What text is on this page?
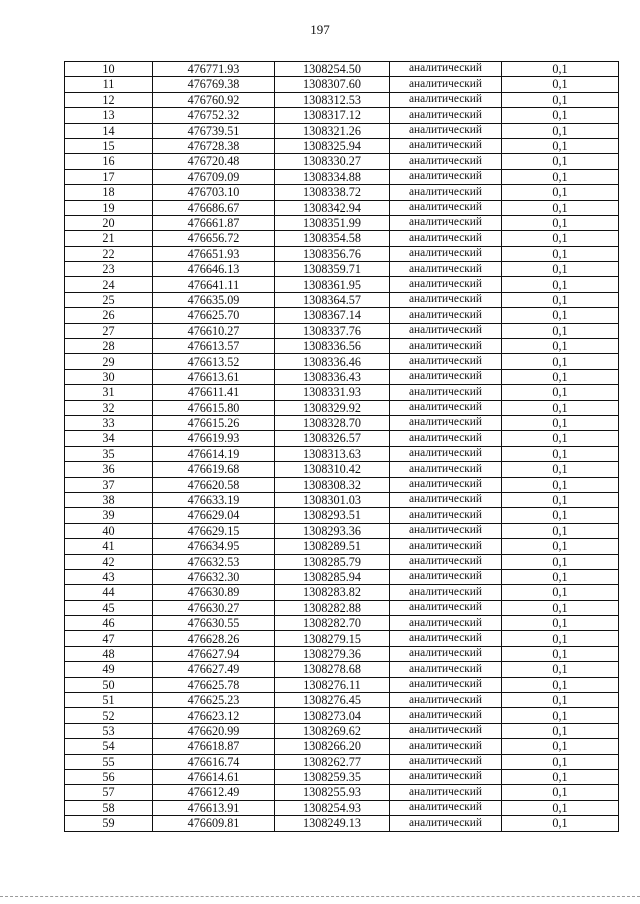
197
10	476771.93	1308254.50	аналитический	0,1
11	476769.38	1308307.60	аналитический	0,1
12	476760.92	1308312.53	аналитический	0,1
13	476752.32	1308317.12	аналитический	0,1
14	476739.51	1308321.26	аналитический	0,1
15	476728.38	1308325.94	аналитический	0,1
16	476720.48	1308330.27	аналитический	0,1
17	476709.09	1308334.88	аналитический	0,1
18	476703.10	1308338.72	аналитический	0,1
19	476686.67	1308342.94	аналитический	0,1
20	476661.87	1308351.99	аналитический	0,1
21	476656.72	1308354.58	аналитический	0,1
22	476651.93	1308356.76	аналитический	0,1
23	476646.13	1308359.71	аналитический	0,1
24	476641.11	1308361.95	аналитический	0,1
25	476635.09	1308364.57	аналитический	0,1
26	476625.70	1308367.14	аналитический	0,1
27	476610.27	1308337.76	аналитический	0,1
28	476613.57	1308336.56	аналитический	0,1
29	476613.52	1308336.46	аналитический	0,1
30	476613.61	1308336.43	аналитический	0,1
31	476611.41	1308331.93	аналитический	0,1
32	476615.80	1308329.92	аналитический	0,1
33	476615.26	1308328.70	аналитический	0,1
34	476619.93	1308326.57	аналитический	0,1
35	476614.19	1308313.63	аналитический	0,1
36	476619.68	1308310.42	аналитический	0,1
37	476620.58	1308308.32	аналитический	0,1
38	476633.19	1308301.03	аналитический	0,1
39	476629.04	1308293.51	аналитический	0,1
40	476629.15	1308293.36	аналитический	0,1
41	476634.95	1308289.51	аналитический	0,1
42	476632.53	1308285.79	аналитический	0,1
43	476632.30	1308285.94	аналитический	0,1
44	476630.89	1308283.82	аналитический	0,1
45	476630.27	1308282.88	аналитический	0,1
46	476630.55	1308282.70	аналитический	0,1
47	476628.26	1308279.15	аналитический	0,1
48	476627.94	1308279.36	аналитический	0,1
49	476627.49	1308278.68	аналитический	0,1
50	476625.78	1308276.11	аналитический	0,1
51	476625.23	1308276.45	аналитический	0,1
52	476623.12	1308273.04	аналитический	0,1
53	476620.99	1308269.62	аналитический	0,1
54	476618.87	1308266.20	аналитический	0,1
55	476616.74	1308262.77	аналитический	0,1
56	476614.61	1308259.35	аналитический	0,1
57	476612.49	1308255.93	аналитический	0,1
58	476613.91	1308254.93	аналитический	0,1
59	476609.81	1308249.13	аналитический	0,1
